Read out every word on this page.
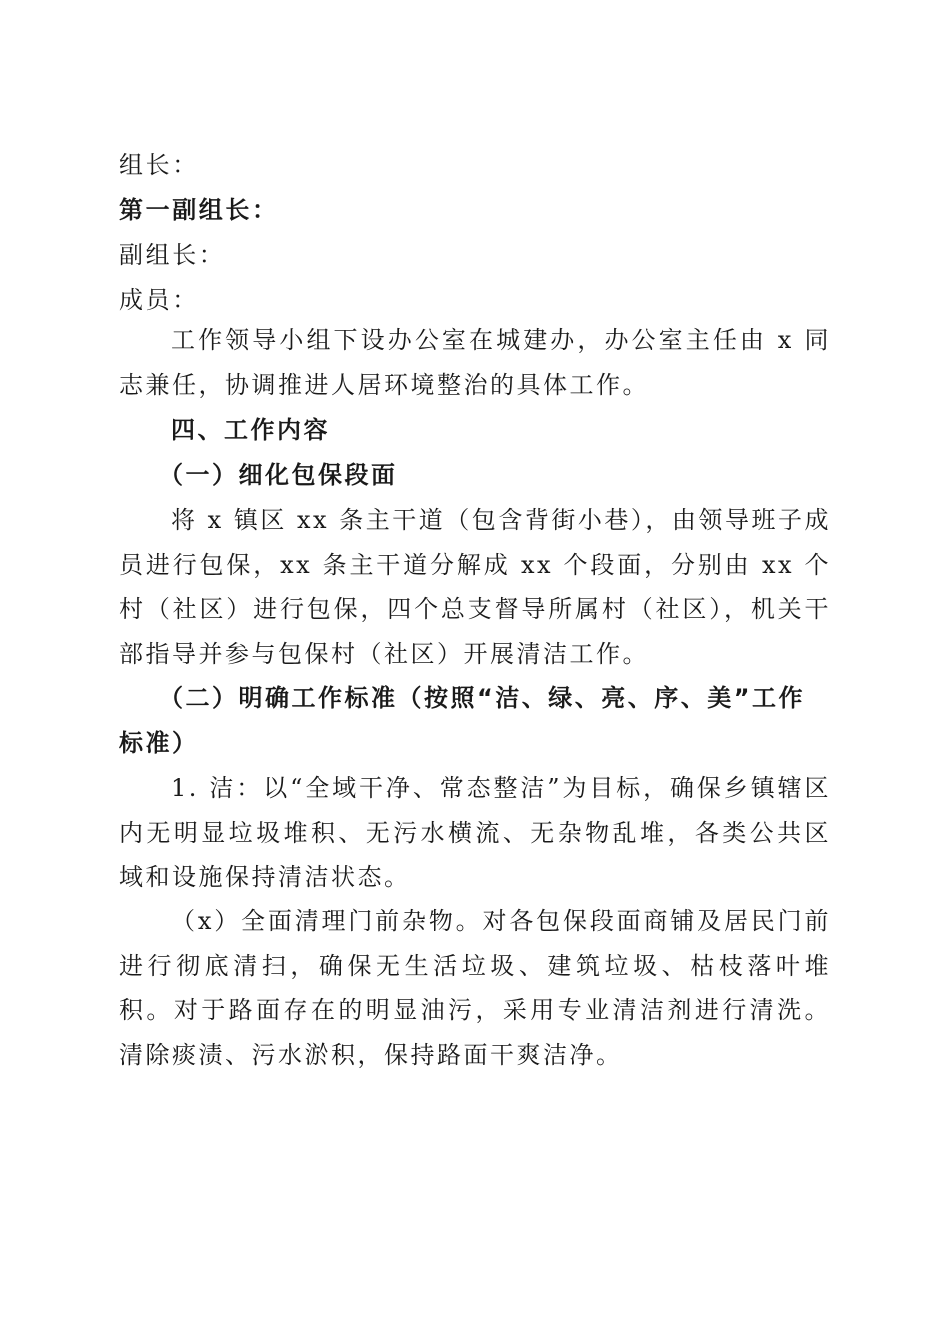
组长：
第一副组长：
副组长：
成员：
工作领导小组下设办公室在城建办，办公室主任由 x 同志兼任，协调推进人居环境整治的具体工作。
四、工作内容
（一）细化包保段面
将 x 镇区 xx 条主干道（包含背街小巷），由领导班子成员进行包保，xx 条主干道分解成 xx 个段面，分别由 xx 个村（社区）进行包保，四个总支督导所属村（社区），机关干部指导并参与包保村（社区）开展清洁工作。
（二）明确工作标准（按照“洁、绿、亮、序、美”工作标准）
1. 洁：以“全域干净、常态整洁”为目标，确保乡镇辖区内无明显垃圾堆积、无污水横流、无杂物乱堆，各类公共区域和设施保持清洁状态。
（x）全面清理门前杂物。对各包保段面商铺及居民门前进行彻底清扫，确保无生活垃圾、建筑垃圾、枯枝落叶堆积。对于路面存在的明显油污，采用专业清洁剂进行清洗。清除痰渍、污水淤积，保持路面干爽洁净。
